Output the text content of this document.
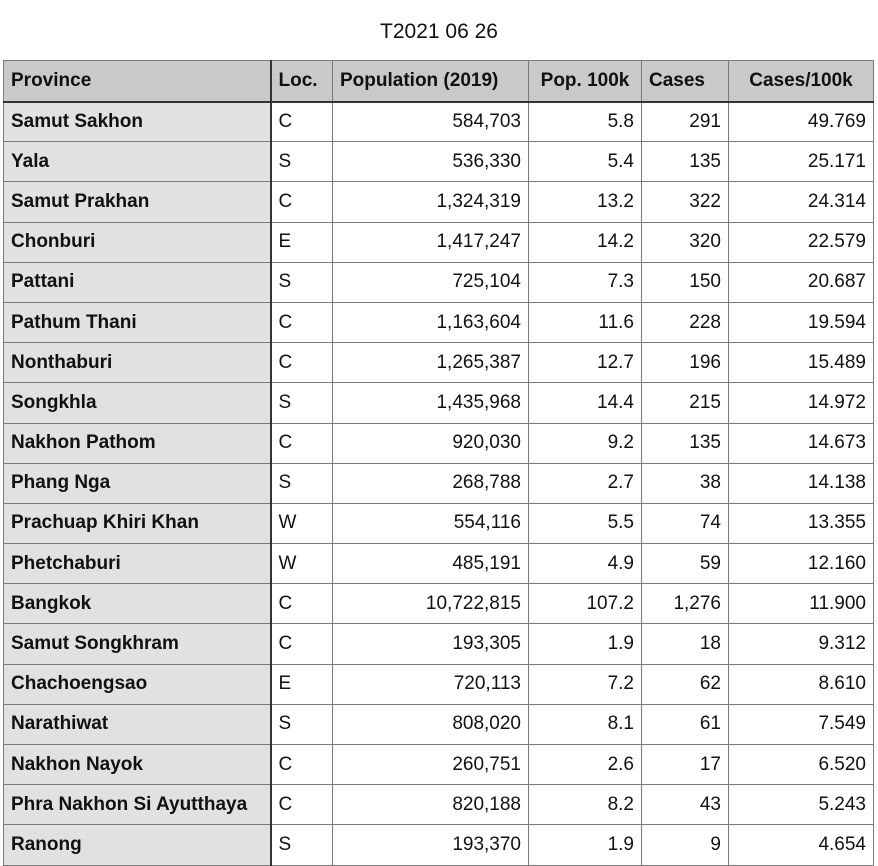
T2021 06 26
Province	Loc.	Population (2019)	Pop. 100k	Cases	Cases/100k
Samut Sakhon	C	584,703	5.8	291	49.769
Yala	S	536,330	5.4	135	25.171
Samut Prakhan	C	1,324,319	13.2	322	24.314
Chonburi	E	1,417,247	14.2	320	22.579
Pattani	S	725,104	7.3	150	20.687
Pathum Thani	C	1,163,604	11.6	228	19.594
Nonthaburi	C	1,265,387	12.7	196	15.489
Songkhla	S	1,435,968	14.4	215	14.972
Nakhon Pathom	C	920,030	9.2	135	14.673
Phang Nga	S	268,788	2.7	38	14.138
Prachuap Khiri Khan	W	554,116	5.5	74	13.355
Phetchaburi	W	485,191	4.9	59	12.160
Bangkok	C	10,722,815	107.2	1,276	11.900
Samut Songkhram	C	193,305	1.9	18	9.312
Chachoengsao	E	720,113	7.2	62	8.610
Narathiwat	S	808,020	8.1	61	7.549
Nakhon Nayok	C	260,751	2.6	17	6.520
Phra Nakhon Si Ayutthaya	C	820,188	8.2	43	5.243
Ranong	S	193,370	1.9	9	4.654
